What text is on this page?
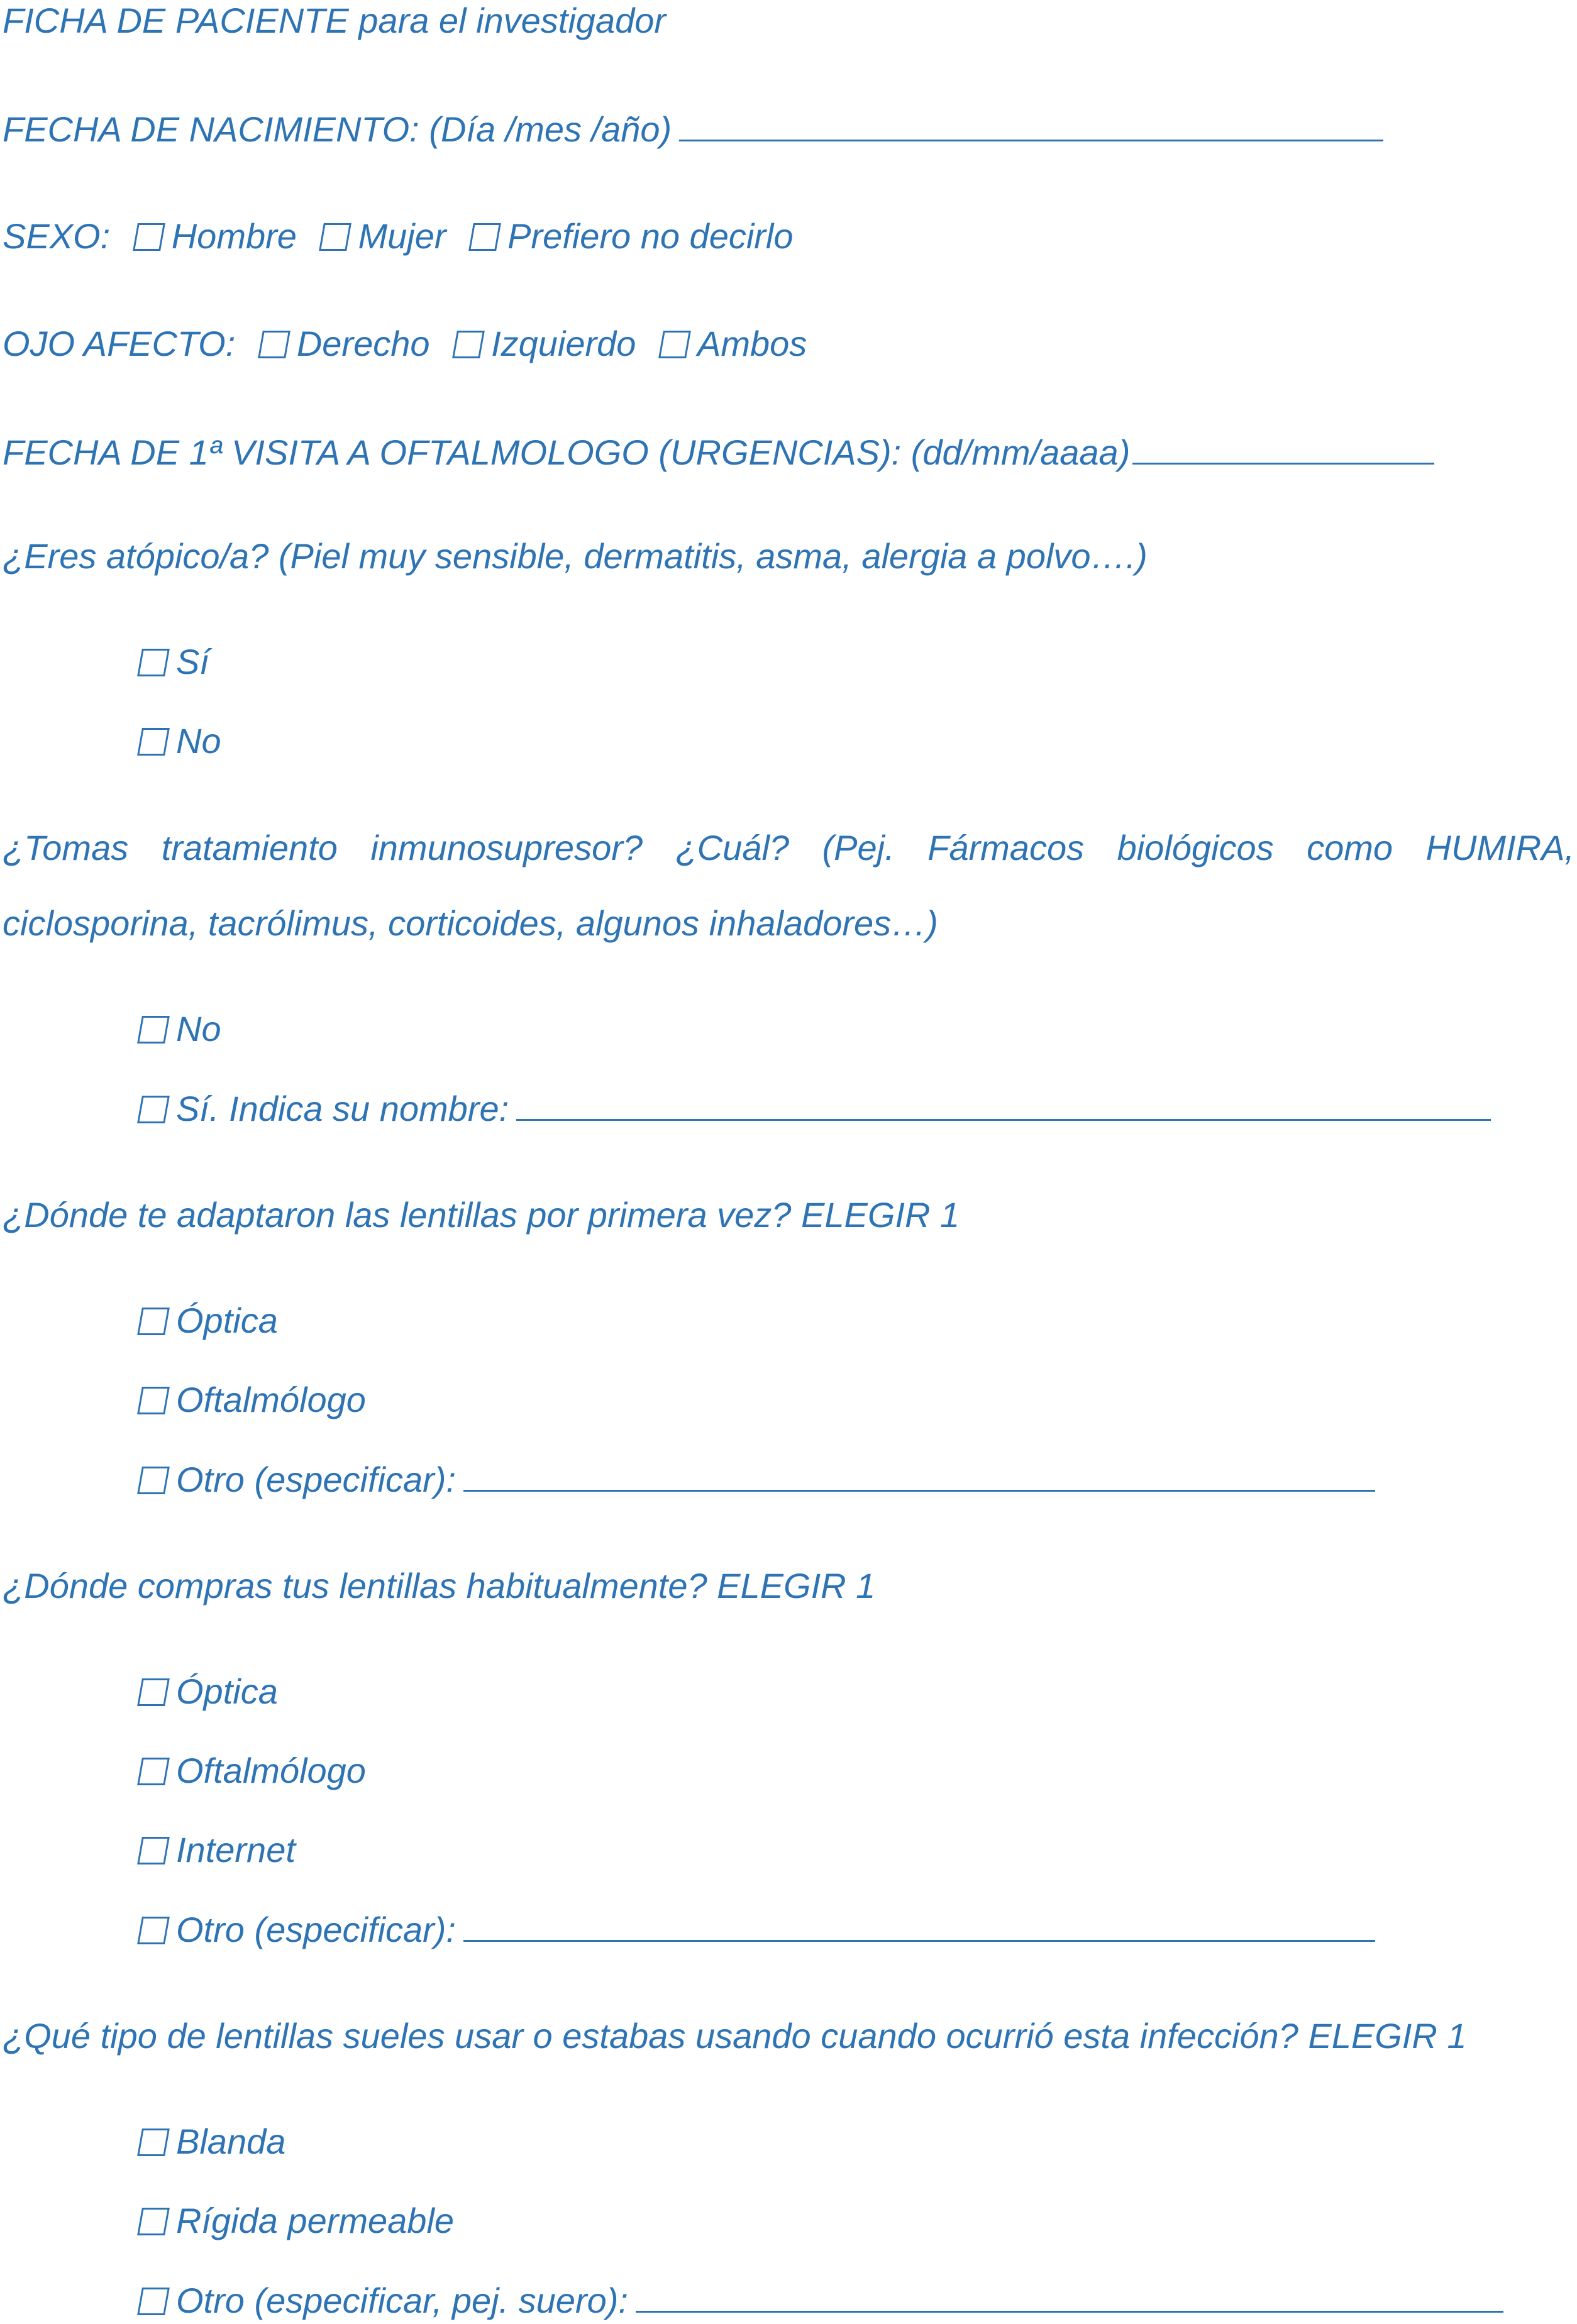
FICHA DE PACIENTE para el investigador
FECHA DE NACIMIENTO: (Día /mes /año)
SEXO: Hombre Mujer Prefiero no decirlo
OJO AFECTO: Derecho Izquierdo Ambos
FECHA DE 1ª VISITA A OFTALMOLOGO (URGENCIAS): (dd/mm/aaaa)
¿Eres atópico/a? (Piel muy sensible, dermatitis, asma, alergia a polvo….)
Sí
No
¿Tomas tratamiento inmunosupresor? ¿Cuál? (Pej. Fármacos biológicos como HUMIRA,
ciclosporina, tacrólimus, corticoides, algunos inhaladores…)
No
Sí. Indica su nombre:
¿Dónde te adaptaron las lentillas por primera vez? ELEGIR 1
Óptica
Oftalmólogo
Otro (especificar):
¿Dónde compras tus lentillas habitualmente? ELEGIR 1
Óptica
Oftalmólogo
Internet
Otro (especificar):
¿Qué tipo de lentillas sueles usar o estabas usando cuando ocurrió esta infección? ELEGIR 1
Blanda
Rígida permeable
Otro (especificar, pej. suero):
